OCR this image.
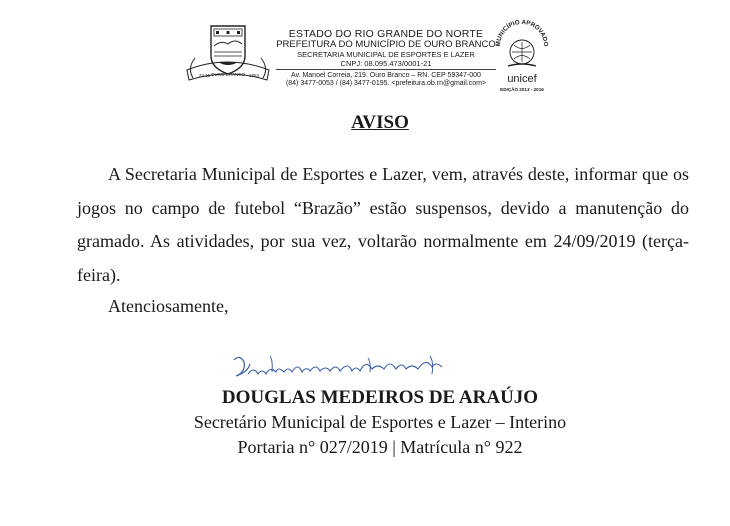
24-11 OURO BRANCO 1953
ESTADO DO RIO GRANDE DO NORTE
PREFEITURA DO MUNICÍPIO DE OURO BRANCO
SECRETARIA MUNICIPAL DE ESPORTES E LAZER
CNPJ: 08.095.473/0001-21
Av. Manoel Correia, 219. Ouro Branco – RN. CEP 59347-000
(84) 3477-0053 / (84) 3477-0195. <prefeitura.ob.rn@gmail.com>
MUNICÍPIO APROVADO
unicef
EDIÇÃO 2013 - 2016
AVISO

A Secretaria Municipal de Esportes e Lazer, vem, através deste, informar que os jogos no campo de futebol “Brazão” estão suspensos, devido a manutenção do gramado. As atividades, por sua vez, voltarão normalmente em 24/09/2019 (terça-feira).

Atenciosamente,
DOUGLAS MEDEIROS DE ARAÚJO
Secretário Municipal de Esportes e Lazer – Interino
Portaria n° 027/2019 | Matrícula n° 922
